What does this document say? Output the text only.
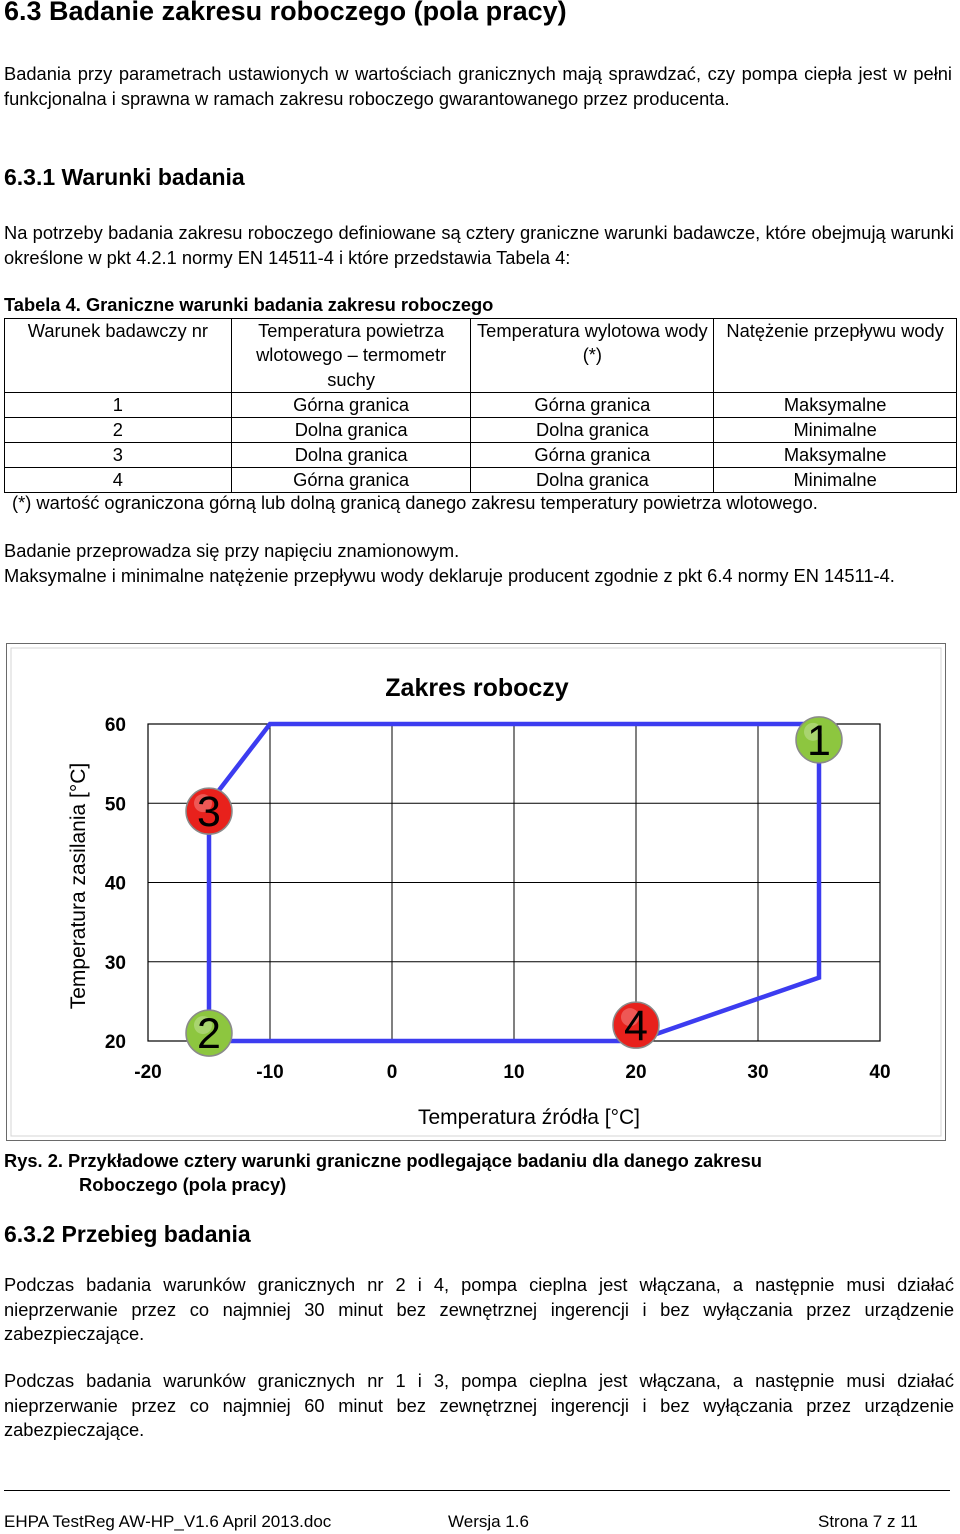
6.3 Badanie zakresu roboczego (pola pracy)
Badania przy parametrach ustawionych w wartościach granicznych mają sprawdzać, czy pompa ciepła jest w pełni funkcjonalna i sprawna w ramach zakresu roboczego gwarantowanego przez producenta.
6.3.1 Warunki badania
Na potrzeby badania zakresu roboczego definiowane są cztery graniczne warunki badawcze, które obejmują warunki określone w pkt 4.2.1 normy EN 14511-4 i które przedstawia Tabela 4:
Tabela 4. Graniczne warunki badania zakresu roboczego
Warunek badawczy nr	Temperatura powietrza wlotowego – termometr suchy	Temperatura wylotowa wody (*)	Natężenie przepływu wody
1	Górna granica	Górna granica	Maksymalne
2	Dolna granica	Dolna granica	Minimalne
3	Dolna granica	Górna granica	Maksymalne
4	Górna granica	Dolna granica	Minimalne
(*) wartość ograniczona górną lub dolną granicą danego zakresu temperatury powietrza wlotowego.
Badanie przeprowadza się przy napięciu znamionowym.
Maksymalne i minimalne natężenie przepływu wody deklaruje producent zgodnie z pkt 6.4 normy EN 14511-4.
Zakres roboczy
Temperatura źródła [°C]
Temperatura zasilania [°C]
-20	-10	0	10	20	30	40
60
50
40
30
20
1
2
3
4
Rys. 2. Przykładowe cztery warunki graniczne podlegające badaniu dla danego zakresu
Roboczego (pola pracy)
6.3.2 Przebieg badania
Podczas badania warunków granicznych nr 2 i 4, pompa cieplna jest włączana, a następnie musi działać nieprzerwanie przez co najmniej 30 minut bez zewnętrznej ingerencji i bez wyłączania przez urządzenie zabezpieczające.
Podczas badania warunków granicznych nr 1 i 3, pompa cieplna jest włączana, a następnie musi działać nieprzerwanie przez co najmniej 60 minut bez zewnętrznej ingerencji i bez wyłączania przez urządzenie zabezpieczające.
EHPA TestReg AW-HP_V1.6 April 2013.doc	Wersja 1.6	Strona 7 z 11
